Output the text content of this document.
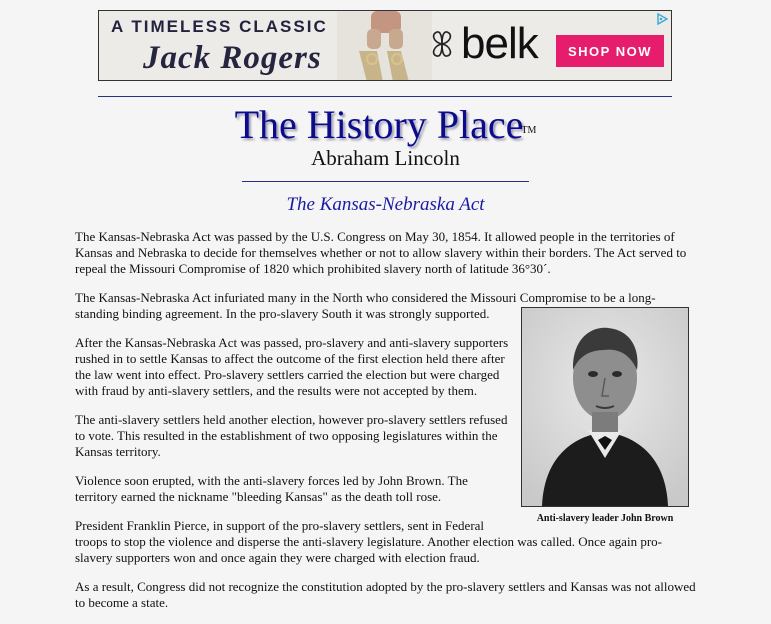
A TIMELESS CLASSIC
Jack Rogers	belk	SHOP NOW
The History Place™
Abraham Lincoln
The Kansas-Nebraska Act

The Kansas-Nebraska Act was passed by the U.S. Congress on May 30, 1854. It allowed people in the territories of Kansas and Nebraska to decide for themselves whether or not to allow slavery within their borders. The Act served to repeal the Missouri Compromise of 1820 which prohibited slavery north of latitude 36°30´.

The Kansas-Nebraska Act infuriated many in the North who considered the Missouri Compromise to be a long-standing binding agreement. In the pro-slavery South it was strongly supported.

Anti-slavery leader John Brown

After the Kansas-Nebraska Act was passed, pro-slavery and anti-slavery supporters rushed in to settle Kansas to affect the outcome of the first election held there after the law went into effect. Pro-slavery settlers carried the election but were charged with fraud by anti-slavery settlers, and the results were not accepted by them.

The anti-slavery settlers held another election, however pro-slavery settlers refused to vote. This resulted in the establishment of two opposing legislatures within the Kansas territory.

Violence soon erupted, with the anti-slavery forces led by John Brown. The territory earned the nickname "bleeding Kansas" as the death toll rose.

President Franklin Pierce, in support of the pro-slavery settlers, sent in Federal troops to stop the violence and disperse the anti-slavery legislature. Another election was called. Once again pro-slavery supporters won and once again they were charged with election fraud.

As a result, Congress did not recognize the constitution adopted by the pro-slavery settlers and Kansas was not allowed to become a state.
